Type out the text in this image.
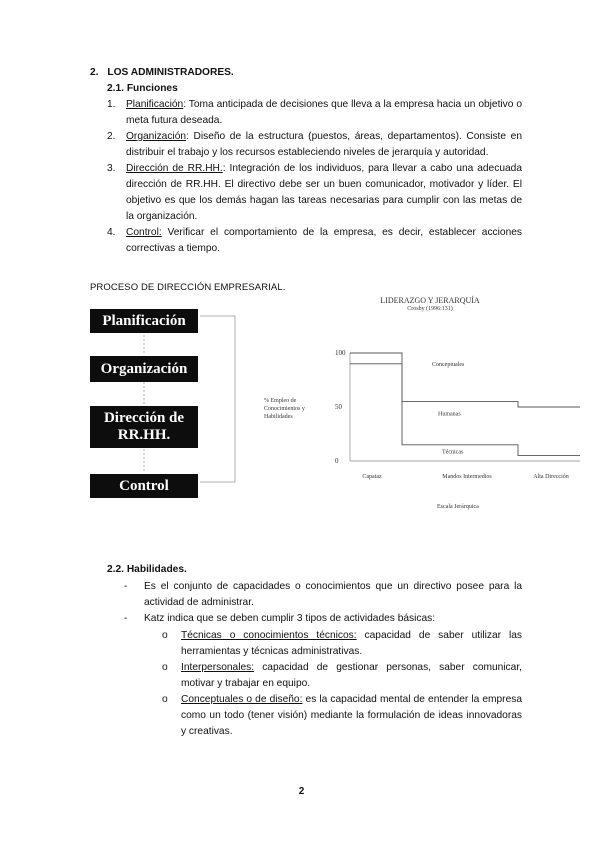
2. LOS ADMINISTRADORES.
2.1. Funciones
1.	Planificación: Toma anticipada de decisiones que lleva a la empresa hacia un objetivo o meta futura deseada.
2.	Organización: Diseño de la estructura (puestos, áreas, departamentos). Consiste en distribuir el trabajo y los recursos estableciendo niveles de jerarquía y autoridad.
3.	Dirección de RR.HH.: Integración de los individuos, para llevar a cabo una adecuada dirección de RR.HH. El directivo debe ser un buen comunicador, motivador y líder. El objetivo es que los demás hagan las tareas necesarias para cumplir con las metas de la organización.
4.	Control: Verificar el comportamiento de la empresa, es decir, establecer acciones correctivas a tiempo.
PROCESO DE DIRECCIÓN EMPRESARIAL.
Planificación
Organización
Dirección de RR.HH.
Control
LIDERAZGO Y JERARQUÍA
Crosby (1996:131)
% Empleo de Conocimientos y Habilidades
100
50
0
Conceptuales
Humanas
Técnicas
Capataz	Mandos Intermedios	Alta Dirección
Escala Jerárquica
2.2. Habilidades.
-	Es el conjunto de capacidades o conocimientos que un directivo posee para la actividad de administrar.
-	Katz indica que se deben cumplir 3 tipos de actividades básicas:
o	Técnicas o conocimientos técnicos: capacidad de saber utilizar las herramientas y técnicas administrativas.
o	Interpersonales: capacidad de gestionar personas, saber comunicar, motivar y trabajar en equipo.
o	Conceptuales o de diseño: es la capacidad mental de entender la empresa como un todo (tener visión) mediante la formulación de ideas innovadoras y creativas.
2
